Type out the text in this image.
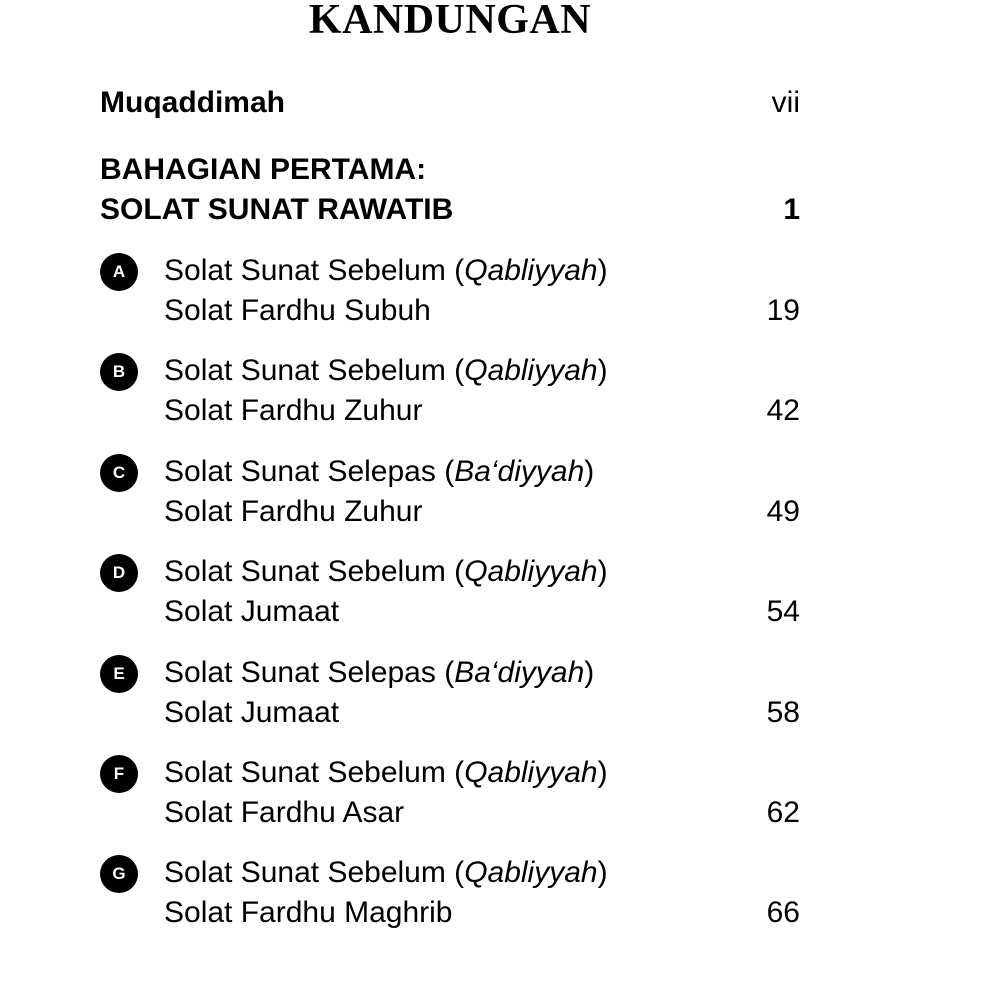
KANDUNGAN
Muqaddimah	vii
BAHAGIAN PERTAMA:
SOLAT SUNAT RAWATIB	1
A	Solat Sunat Sebelum (Qabliyyah)
Solat Fardhu Subuh	19
B	Solat Sunat Sebelum (Qabliyyah)
Solat Fardhu Zuhur	42
C	Solat Sunat Selepas (Ba‘diyyah)
Solat Fardhu Zuhur	49
D	Solat Sunat Sebelum (Qabliyyah)
Solat Jumaat	54
E	Solat Sunat Selepas (Ba‘diyyah)
Solat Jumaat	58
F	Solat Sunat Sebelum (Qabliyyah)
Solat Fardhu Asar	62
G	Solat Sunat Sebelum (Qabliyyah)
Solat Fardhu Maghrib	66
